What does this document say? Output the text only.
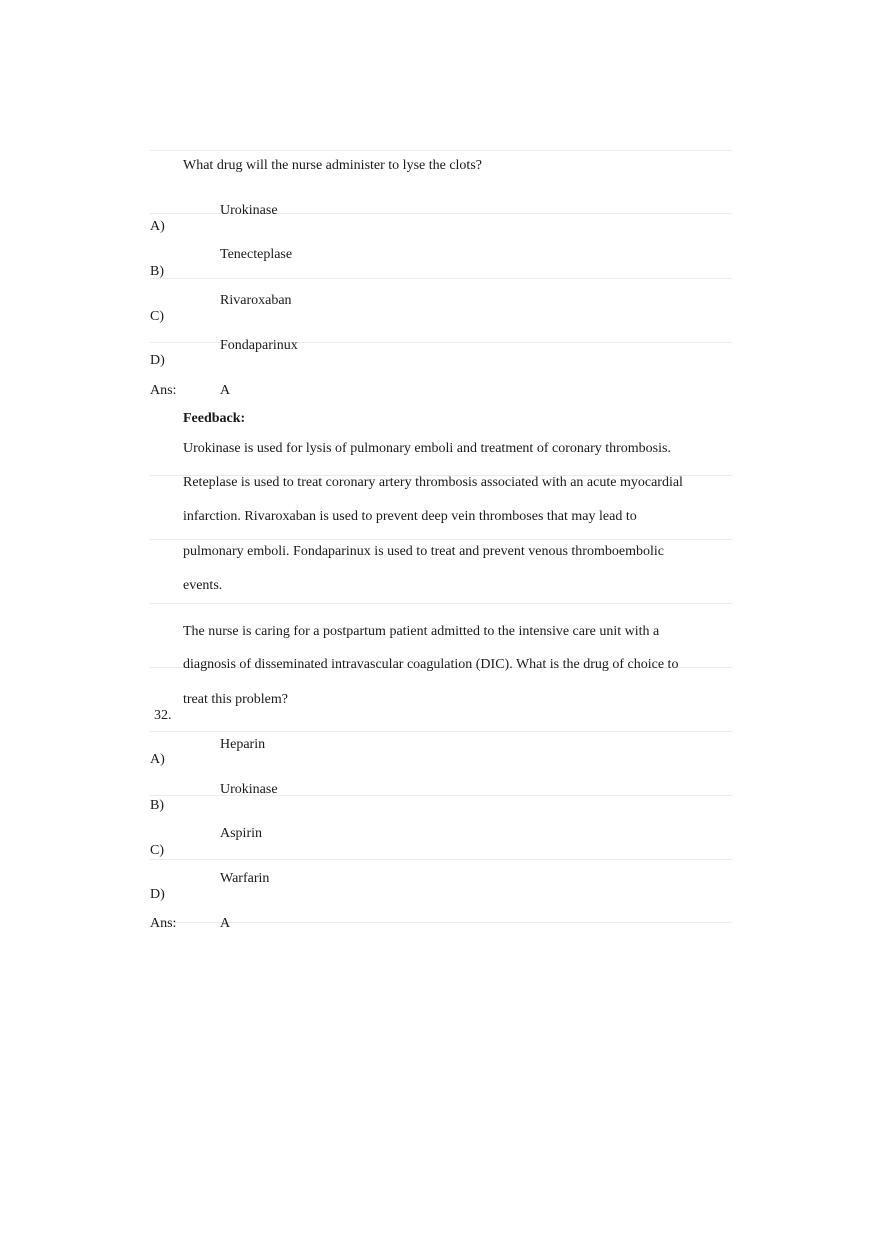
What drug will the nurse administer to lyse the clots?
Urokinase
A)
Tenecteplase
B)
Rivaroxaban
C)
Fondaparinux
D)
Ans:	A
Feedback:
Urokinase is used for lysis of pulmonary emboli and treatment of coronary thrombosis.
Reteplase is used to treat coronary artery thrombosis associated with an acute myocardial
infarction. Rivaroxaban is used to prevent deep vein thromboses that may lead to
pulmonary emboli. Fondaparinux is used to treat and prevent venous thromboembolic
events.
The nurse is caring for a postpartum patient admitted to the intensive care unit with a
diagnosis of disseminated intravascular coagulation (DIC). What is the drug of choice to
treat this problem?
32.
Heparin
A)
Urokinase
B)
Aspirin
C)
Warfarin
D)
Ans:	A
